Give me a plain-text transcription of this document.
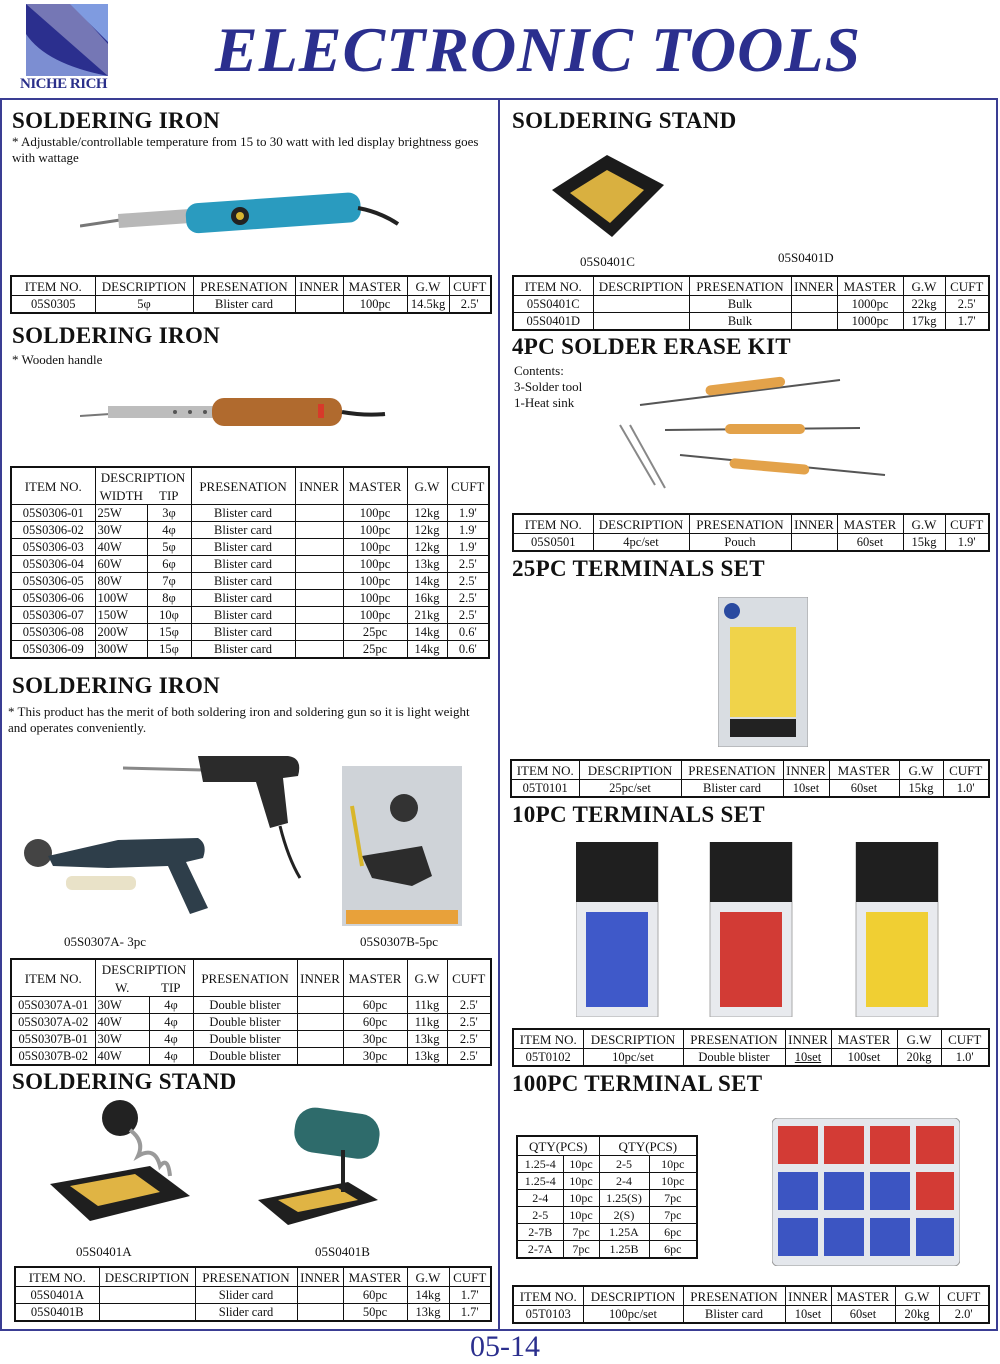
NICHE RICH ELECTRONIC TOOLS
SOLDERING IRON
* Adjustable/controllable temperature from 15 to 30 watt with led display brightness goes with wattage
ITEM NO.	DESCRIPTION	PRESENATION	INNER	MASTER	G.W	CUFT
05S0305	5φ	Blister card		100pc	14.5kg	2.5'
SOLDERING IRON
* Wooden handle
ITEM NO.	DESCRIPTION		PRESENATION	INNER	MASTER	G.W	CUFT
	WIDTH	TIP					
05S0306-01	25W	3φ	Blister card		100pc	12kg	1.9'
05S0306-02	30W	4φ	Blister card		100pc	12kg	1.9'
05S0306-03	40W	5φ	Blister card		100pc	12kg	1.9'
05S0306-04	60W	6φ	Blister card		100pc	13kg	2.5'
05S0306-05	80W	7φ	Blister card		100pc	14kg	2.5'
05S0306-06	100W	8φ	Blister card		100pc	16kg	2.5'
05S0306-07	150W	10φ	Blister card		100pc	21kg	2.5'
05S0306-08	200W	15φ	Blister card		25pc	14kg	0.6'
05S0306-09	300W	15φ	Blister card		25pc	14kg	0.6'
SOLDERING IRON
* This product has the merit of both soldering iron and soldering gun so it is light weight and operates conveniently.
05S0307A- 3pc	05S0307B-5pc
ITEM NO.	DESCRIPTION		PRESENATION	INNER	MASTER	G.W	CUFT
	W.	TIP					
05S0307A-01	30W	4φ	Double blister		60pc	11kg	2.5'
05S0307A-02	40W	4φ	Double blister		60pc	11kg	2.5'
05S0307B-01	30W	4φ	Double blister		30pc	13kg	2.5'
05S0307B-02	40W	4φ	Double blister		30pc	13kg	2.5'
SOLDERING STAND
05S0401A	05S0401B
ITEM NO.	DESCRIPTION	PRESENATION	INNER	MASTER	G.W	CUFT
05S0401A		Slider card		60pc	14kg	1.7'
05S0401B		Slider card		50pc	13kg	1.7'
SOLDERING STAND
05S0401C	05S0401D
ITEM NO.	DESCRIPTION	PRESENATION	INNER	MASTER	G.W	CUFT
05S0401C		Bulk		1000pc	22kg	2.5'
05S0401D		Bulk		1000pc	17kg	1.7'
4PC SOLDER ERASE KIT
Contents:
3-Solder tool
1-Heat sink
ITEM NO.	DESCRIPTION	PRESENATION	INNER	MASTER	G.W	CUFT
05S0501	4pc/set	Pouch		60set	15kg	1.9'
25PC TERMINALS SET
ITEM NO.	DESCRIPTION	PRESENATION	INNER	MASTER	G.W	CUFT
05T0101	25pc/set	Blister card	10set	60set	15kg	1.0'
10PC TERMINALS SET
ITEM NO.	DESCRIPTION	PRESENATION	INNER	MASTER	G.W	CUFT
05T0102	10pc/set	Double blister	10set	100set	20kg	1.0'
100PC TERMINAL SET
QTY(PCS)		QTY(PCS)	
1.25-4	10pc	2-5	10pc
1.25-4	10pc	2-4	10pc
2-4	10pc	1.25(S)	7pc
2-5	10pc	2(S)	7pc
2-7B	7pc	1.25A	6pc
2-7A	7pc	1.25B	6pc
ITEM NO.	DESCRIPTION	PRESENATION	INNER	MASTER	G.W	CUFT
05T0103	100pc/set	Blister card	10set	60set	20kg	2.0'
05-14
